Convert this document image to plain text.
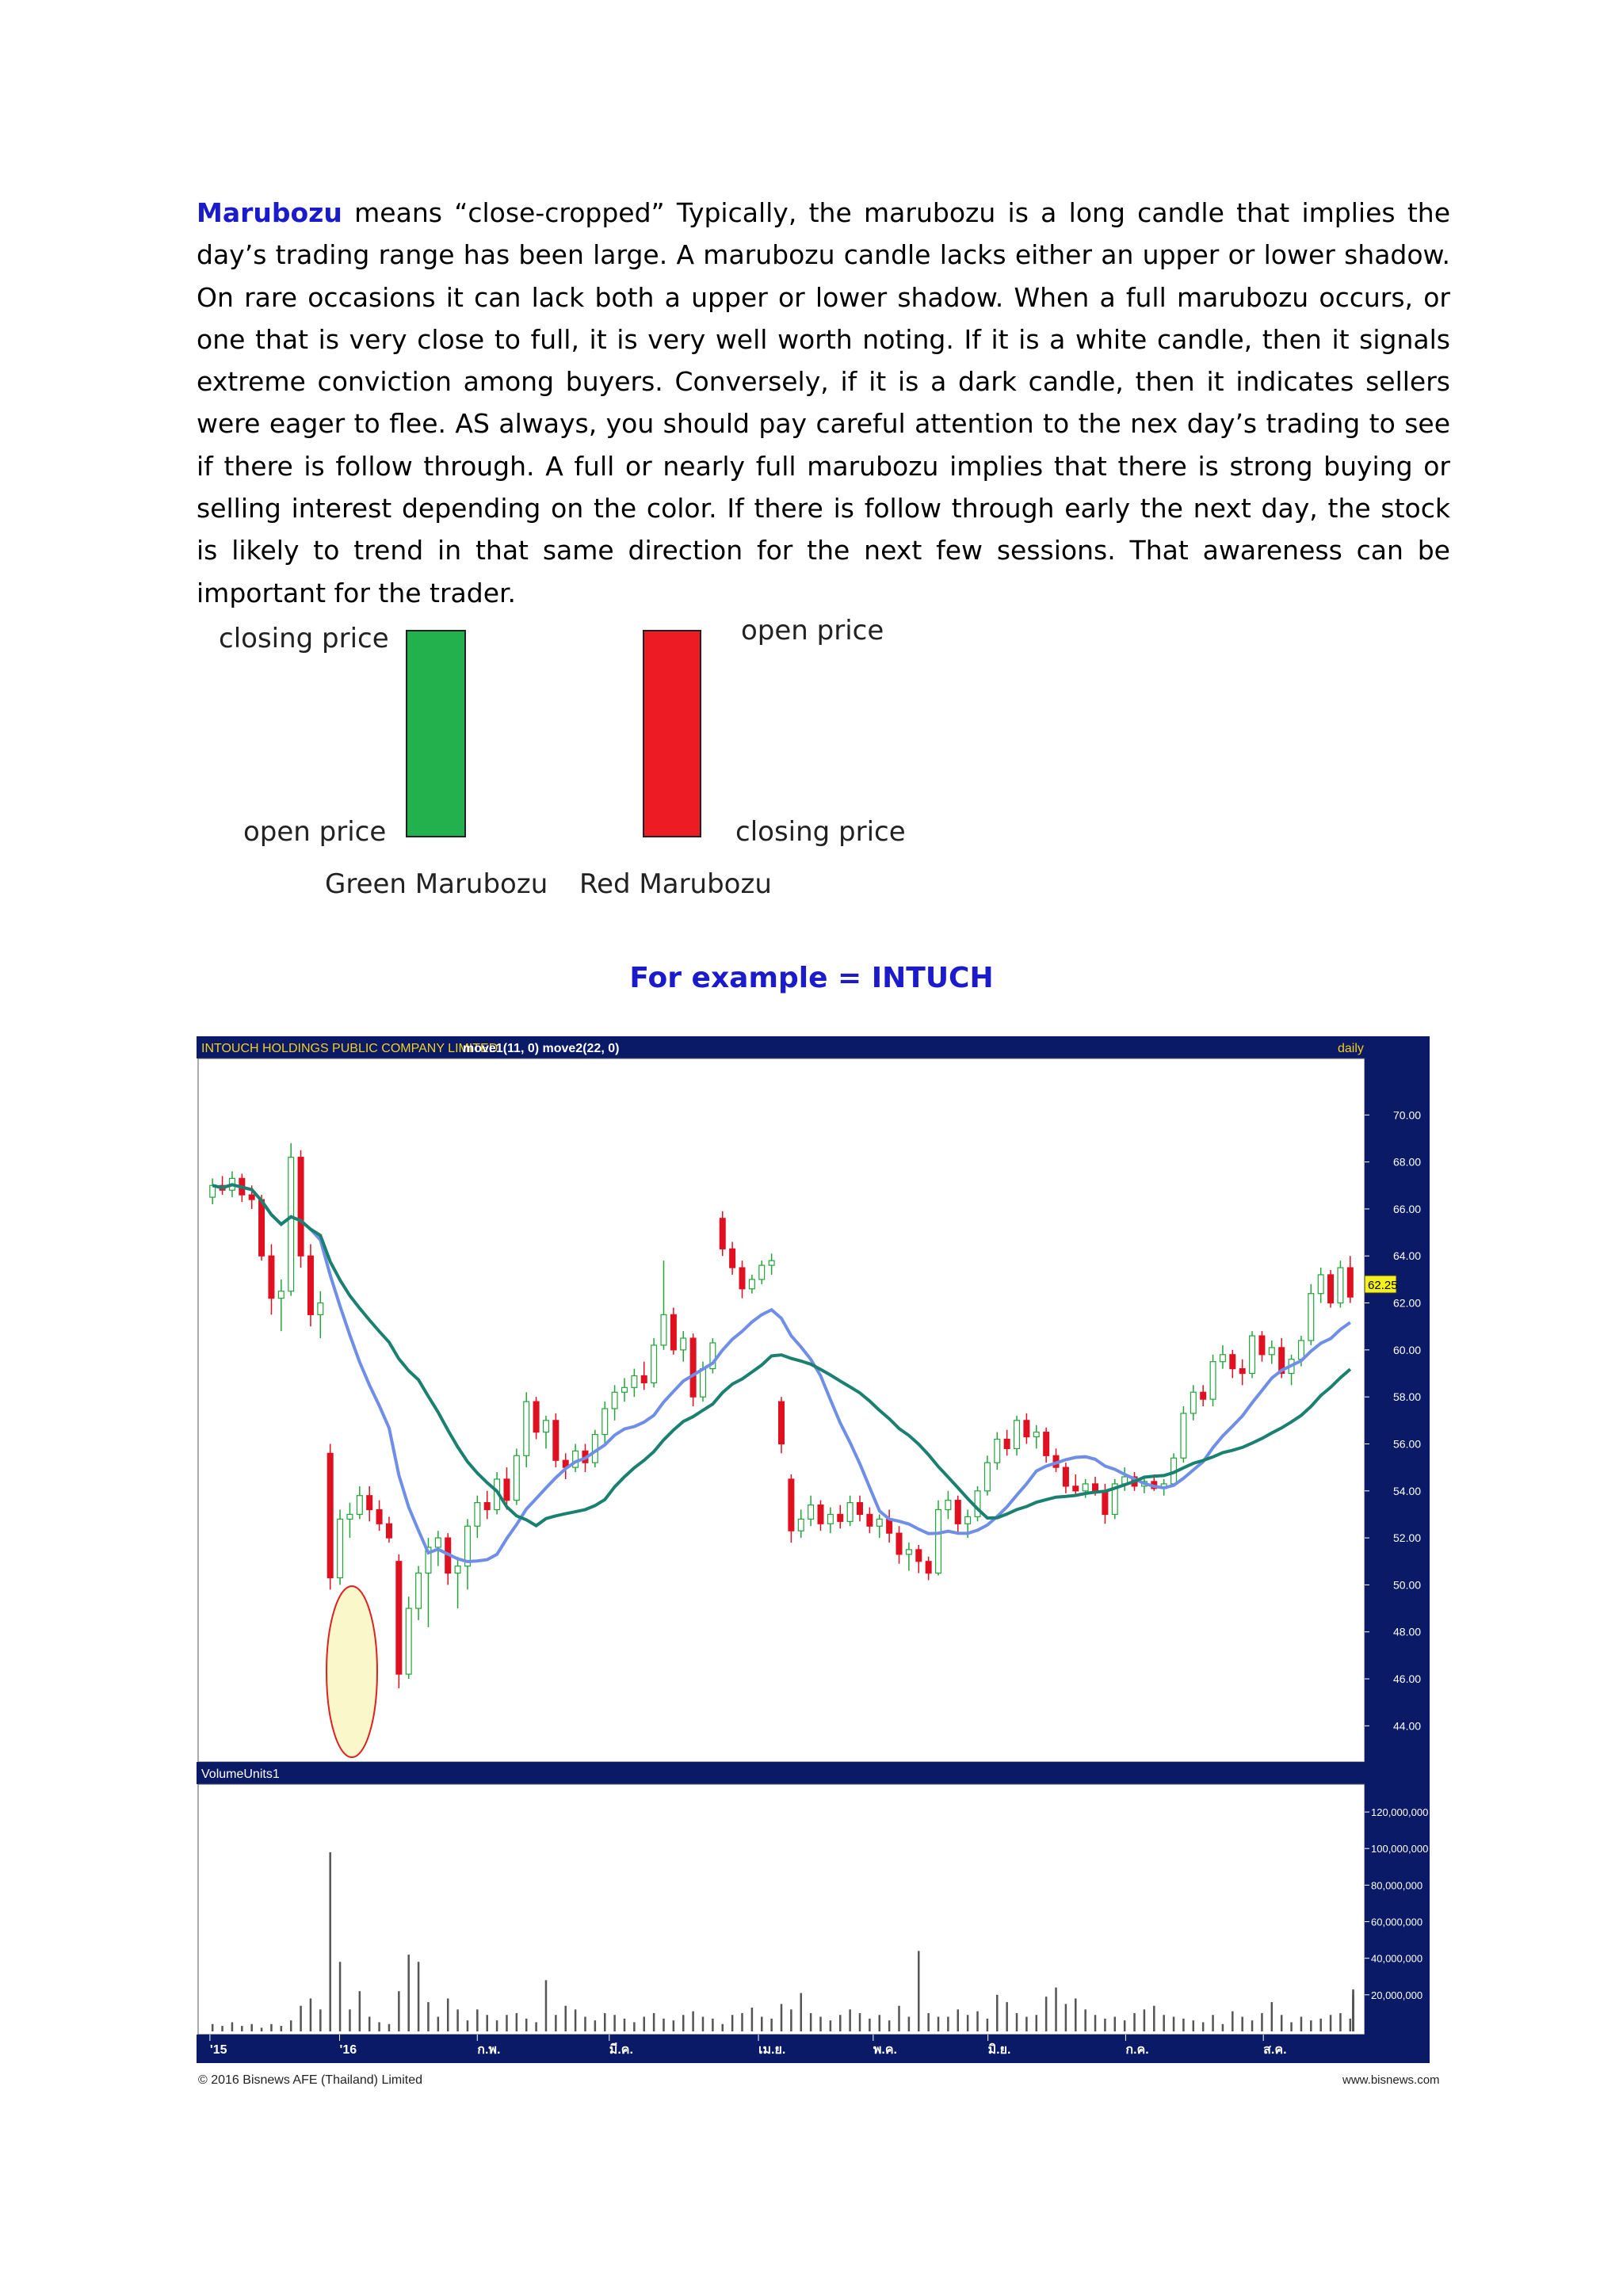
Marubozu means “close-cropped” Typically, the marubozu is a long candle that implies the day’s trading range has been large. A marubozu candle lacks either an upper or lower shadow. On rare occasions it can lack both a upper or lower shadow. When a full marubozu occurs, or one that is very close to full, it is very well worth noting. If it is a white candle, then it signals extreme conviction among buyers. Conversely, if it is a dark candle, then it indicates sellers were eager to flee. AS always, you should pay careful attention to the nex day’s trading to see if there is follow through. A full or nearly full marubozu implies that there is strong buying or selling interest depending on the color. If there is follow through early the next day, the stock is likely to trend in that same direction for the next few sessions. That awareness can be important for the trader.
closing price
open price
Green Marubozu
open price
closing price
Red Marubozu
For example = INTUCH
INTOUCH HOLDINGS PUBLIC COMPANY LIMITED
move1(11, 0) move2(22, 0)	daily
70.00
68.00
66.00
64.00
62.00
60.00
58.00
56.00
54.00
52.00
50.00
48.00
46.00
44.00
62.25
VolumeUnits1
120,000,000
100,000,000
80,000,000
60,000,000
40,000,000
20,000,000
'15	'16	ก.พ.	มี.ค.	เม.ย.	พ.ค.	มิ.ย.	ก.ค.	ส.ค.
© 2016 Bisnews AFE (Thailand) Limited	www.bisnews.com
